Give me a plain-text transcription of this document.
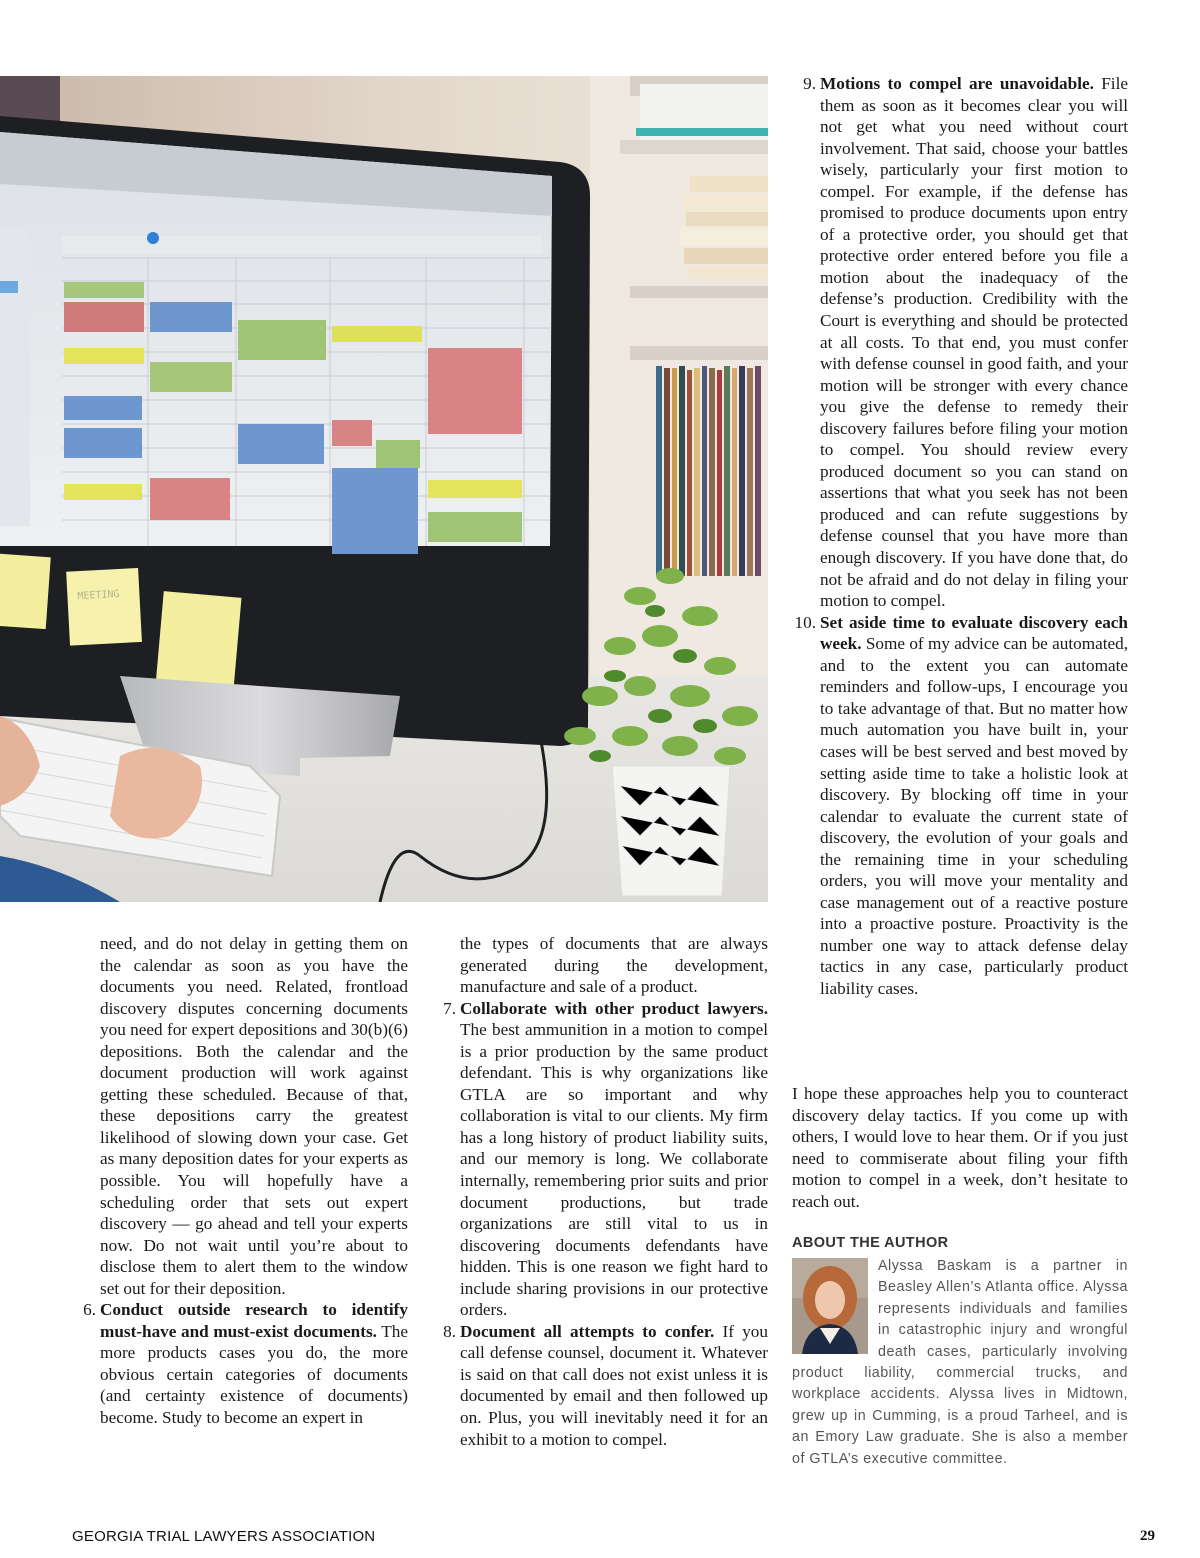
MEETING

need, and do not delay in getting them on the calendar as soon as you have the documents you need. Related, frontload discovery disputes concerning documents you need for expert depositions and 30(b)(6) depositions. Both the calendar and the document production will work against getting these scheduled. Because of that, these depositions carry the greatest likelihood of slowing down your case. Get as many deposition dates for your experts as possible. You will hopefully have a scheduling order that sets out expert discovery — go ahead and tell your experts now. Do not wait until you’re about to disclose them to alert them to the window set out for their deposition.

6. Conduct outside research to identify must-have and must-exist documents. The more products cases you do, the more obvious certain categories of documents (and certainty existence of documents) become. Study to become an expert in

the types of documents that are always generated during the development, manufacture and sale of a product.

7. Collaborate with other product lawyers. The best ammunition in a motion to compel is a prior production by the same product defendant. This is why organizations like GTLA are so important and why collaboration is vital to our clients. My firm has a long history of product liability suits, and our memory is long. We collaborate internally, remembering prior suits and prior document productions, but trade organizations are still vital to us in discovering documents defendants have hidden. This is one reason we fight hard to include sharing provisions in our protective orders.

8. Document all attempts to confer. If you call defense counsel, document it. Whatever is said on that call does not exist unless it is documented by email and then followed up on. Plus, you will inevitably need it for an exhibit to a motion to compel.

9. Motions to compel are unavoidable. File them as soon as it becomes clear you will not get what you need without court involvement. That said, choose your battles wisely, particularly your first motion to compel. For example, if the defense has promised to produce documents upon entry of a protective order, you should get that protective order entered before you file a motion about the inadequacy of the defense’s production. Credibility with the Court is everything and should be protected at all costs. To that end, you must confer with defense counsel in good faith, and your motion will be stronger with every chance you give the defense to remedy their discovery failures before filing your motion to compel. You should review every produced document so you can stand on assertions that what you seek has not been produced and can refute suggestions by defense counsel that you have more than enough discovery. If you have done that, do not be afraid and do not delay in filing your motion to compel.

10. Set aside time to evaluate discovery each week. Some of my advice can be automated, and to the extent you can automate reminders and follow-ups, I encourage you to take advantage of that. But no matter how much automation you have built in, your cases will be best served and best moved by setting aside time to take a holistic look at discovery. By blocking off time in your calendar to evaluate the current state of discovery, the evolution of your goals and the remaining time in your scheduling orders, you will move your mentality and case management out of a reactive posture into a proactive posture. Proactivity is the number one way to attack defense delay tactics in any case, particularly product liability cases.

I hope these approaches help you to counteract discovery delay tactics. If you come up with others, I would love to hear them. Or if you just need to commiserate about filing your fifth motion to compel in a week, don’t hesitate to reach out.

ABOUT THE AUTHOR
Alyssa Baskam is a partner in Beasley Allen’s Atlanta office. Alyssa represents individuals and families in catastrophic injury and wrongful death cases, particularly involving product liability, commercial trucks, and workplace accidents. Alyssa lives in Midtown, grew up in Cumming, is a proud Tarheel, and is an Emory Law graduate. She is also a member of GTLA’s executive committee.
GEORGIA TRIAL LAWYERS ASSOCIATION	29
